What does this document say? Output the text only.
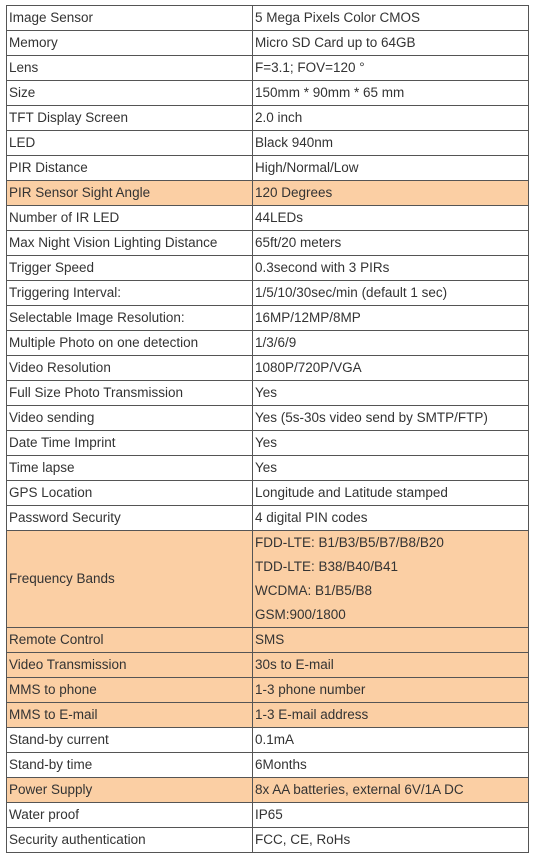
Image Sensor	5 Mega Pixels Color CMOS

Memory	Micro SD Card up to 64GB

Lens	F=3.1; FOV=120 °

Size	150mm * 90mm * 65 mm

TFT Display Screen	2.0 inch

LED	Black 940nm

PIR Distance	High/Normal/Low

PIR Sensor Sight Angle	120 Degrees

Number of IR LED	44LEDs

Max Night Vision Lighting Distance	65ft/20 meters

Trigger Speed	0.3second with 3 PIRs

Triggering Interval:	1/5/10/30sec/min (default 1 sec)

Selectable Image Resolution:	16MP/12MP/8MP

Multiple Photo on one detection	1/3/6/9

Video Resolution	1080P/720P/VGA

Full Size Photo Transmission	Yes

Video sending	Yes (5s-30s video send by SMTP/FTP)

Date Time Imprint	Yes

Time lapse	Yes

GPS Location	Longitude and Latitude stamped

Password Security	4 digital PIN codes

Frequency Bands	FDD-LTE: B1/B3/B5/B7/B8/B20
TDD-LTE: B38/B40/B41
WCDMA: B1/B5/B8
GSM:900/1800

Remote Control	SMS

Video Transmission	30s to E-mail

MMS to phone	1-3 phone number

MMS to E-mail	1-3 E-mail address

Stand-by current	0.1mA

Stand-by time	6Months

Power Supply	8x AA batteries, external 6V/1A DC

Water proof	IP65

Security authentication	FCC, CE, RoHs
